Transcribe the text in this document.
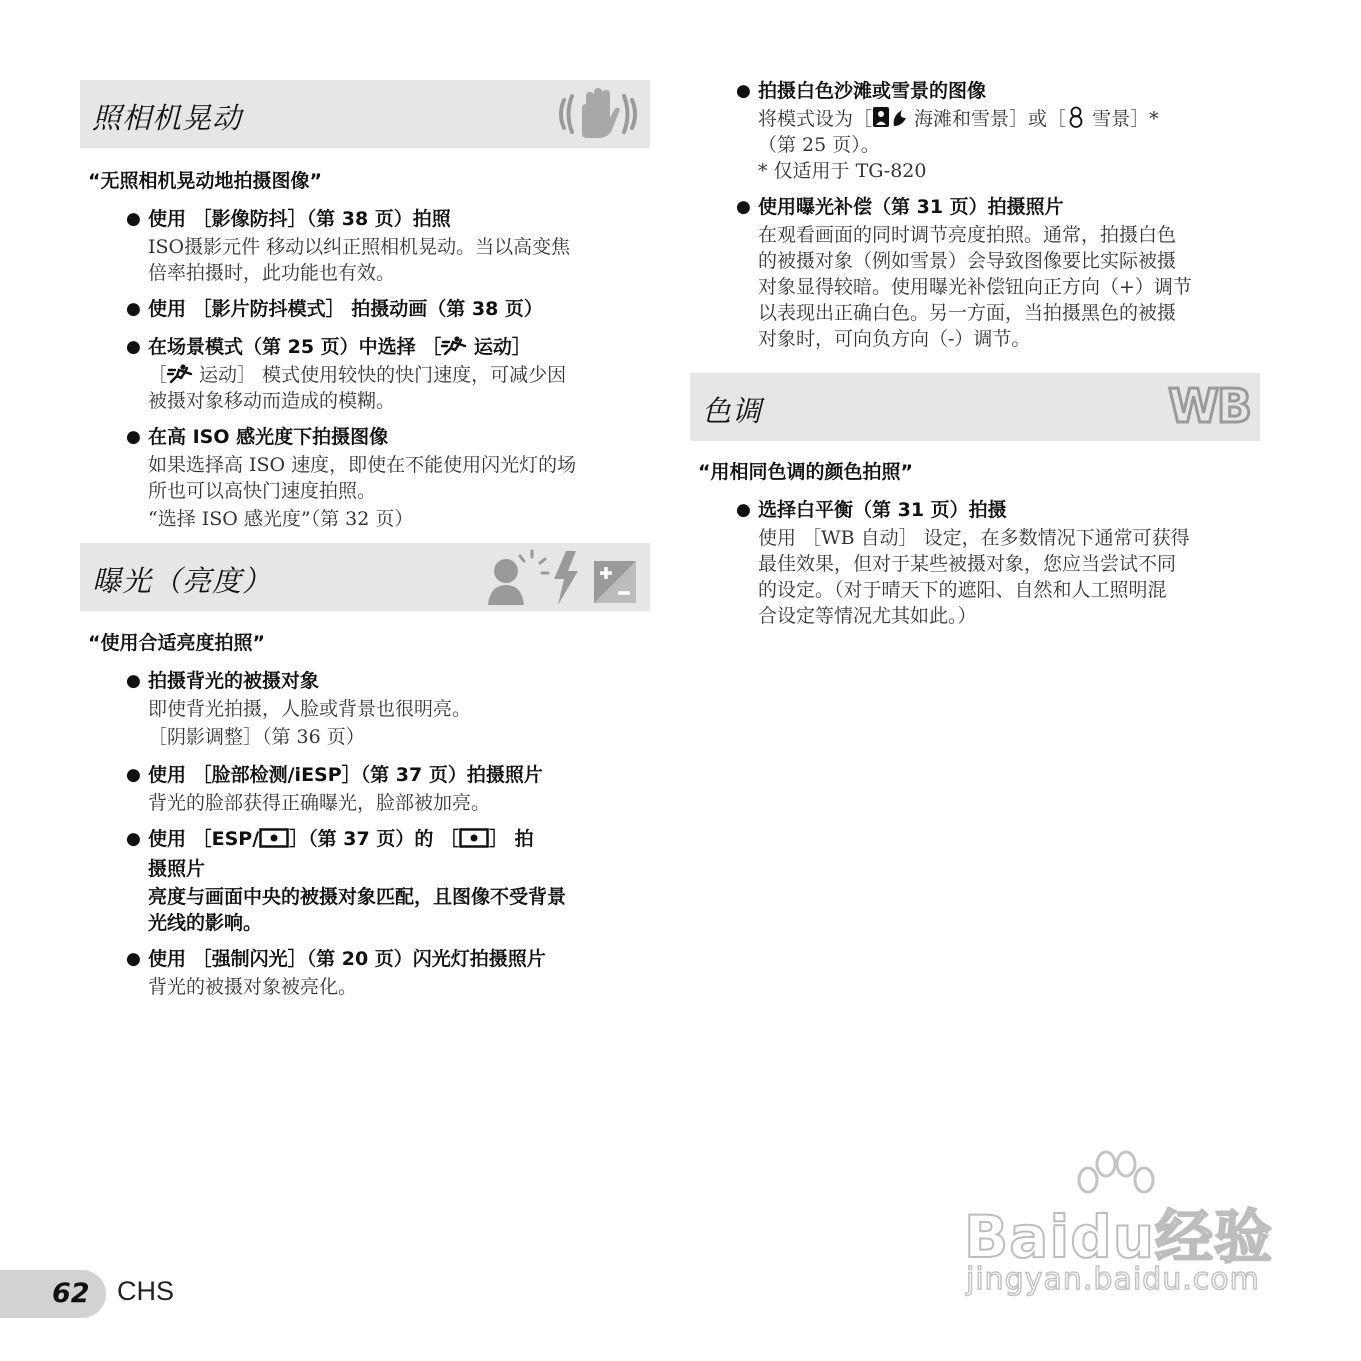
照相机晃动
“无照相机晃动地拍摄图像”
● 使用 ［影像防抖］（第 38 页）拍照
ISO摄影元件 移动以纠正照相机晃动。当以高变焦
倍率拍摄时，此功能也有效。
● 使用 ［影片防抖模式］ 拍摄动画（第 38 页）
● 在场景模式（第 25 页）中选择 ［ 运动］
［ 运动］ 模式使用较快的快门速度，可减少因
被摄对象移动而造成的模糊。
● 在高 ISO 感光度下拍摄图像
如果选择高 ISO 速度，即使在不能使用闪光灯的场
所也可以高快门速度拍照。
“选择 ISO 感光度”（第 32 页）
曝光（亮度）
“使用合适亮度拍照”
● 拍摄背光的被摄对象
即使背光拍摄，人脸或背景也很明亮。
［阴影调整］（第 36 页）
● 使用 ［脸部检测/iESP］（第 37 页）拍摄照片
背光的脸部获得正确曝光，脸部被加亮。
● 使用 ［ESP/ ］（第 37 页）的 ［ ］ 拍
摄照片
亮度与画面中央的被摄对象匹配，且图像不受背景
光线的影响。
● 使用 ［强制闪光］（第 20 页）闪光灯拍摄照片
背光的被摄对象被亮化。
● 拍摄白色沙滩或雪景的图像
将模式设为［ 海滩和雪景］或［ 雪景］*
（第 25 页）。
* 仅适用于 TG-820
● 使用曝光补偿（第 31 页）拍摄照片
在观看画面的同时调节亮度拍照。通常，拍摄白色
的被摄对象（例如雪景）会导致图像要比实际被摄
对象显得较暗。使用曝光补偿钮向正方向（+）调节
以表现出正确白色。另一方面，当拍摄黑色的被摄
对象时，可向负方向（-）调节。
色调	WB
“用相同色调的颜色拍照”
● 选择白平衡（第 31 页）拍摄
使用 ［WB 自动］ 设定，在多数情况下通常可获得
最佳效果，但对于某些被摄对象，您应当尝试不同
的设定。（对于晴天下的遮阳、自然和人工照明混
合设定等情况尤其如此。）
Baidu经验
jingyan.baidu.com
62 CHS
